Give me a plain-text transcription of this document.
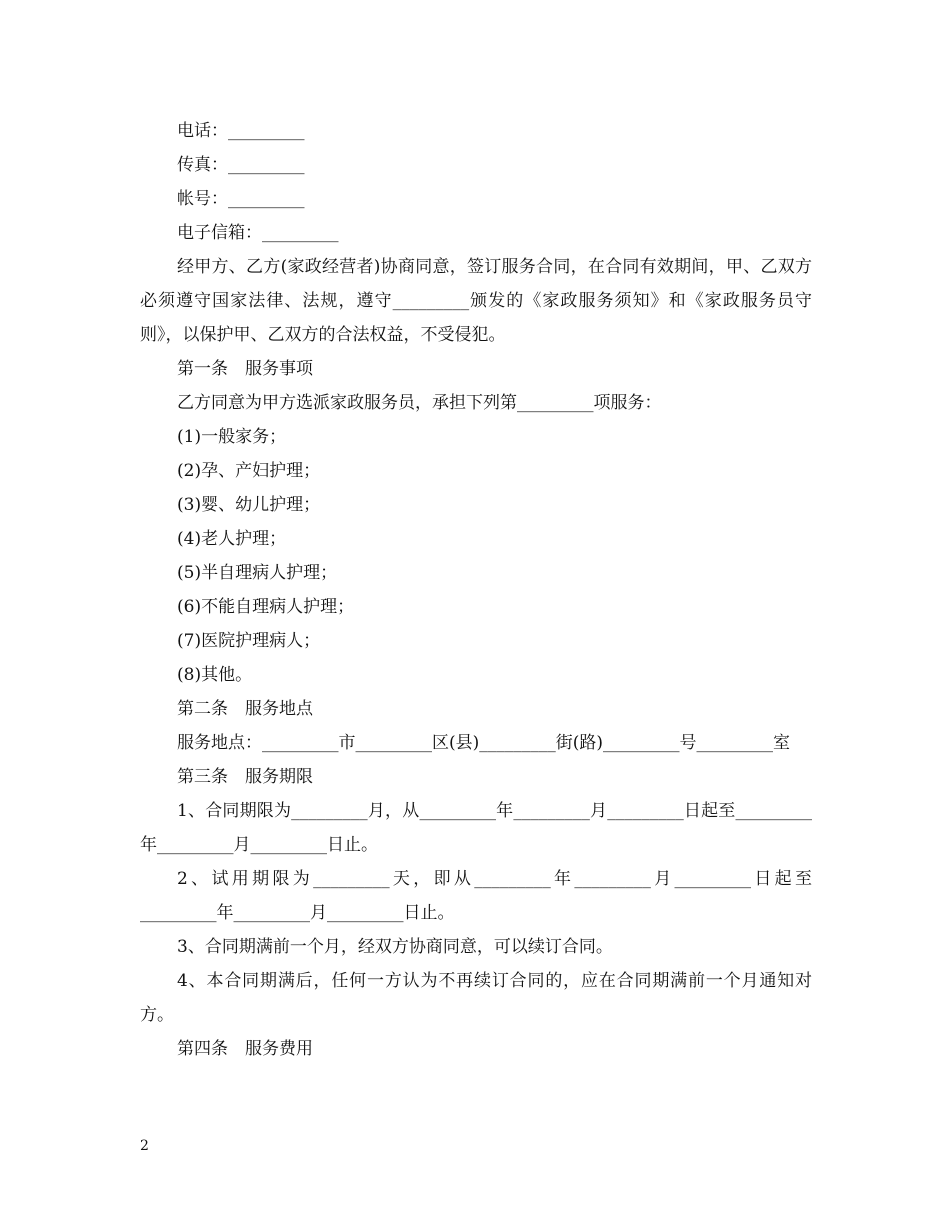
电话：_________

传真：_________

帐号：_________

电子信箱：_________

经甲方、乙方(家政经营者)协商同意，签订服务合同，在合同有效期间，甲、乙双方必须遵守国家法律、法规，遵守_________颁发的《家政服务须知》和《家政服务员守则》，以保护甲、乙双方的合法权益，不受侵犯。

第一条　服务事项

乙方同意为甲方选派家政服务员，承担下列第_________项服务：

(1)一般家务；

(2)孕、产妇护理；

(3)婴、幼儿护理；

(4)老人护理；

(5)半自理病人护理；

(6)不能自理病人护理；

(7)医院护理病人；

(8)其他。

第二条　服务地点

服务地点：_________市_________区(县)_________街(路)_________号_________室

第三条　服务期限

1、合同期限为_________月，从_________年_________月_________日起至_________年_________月_________日止。

2、试用期限为_________天，即从_________年_________月_________日起至_________年_________月_________日止。

3、合同期满前一个月，经双方协商同意，可以续订合同。

4、本合同期满后，任何一方认为不再续订合同的，应在合同期满前一个月通知对方。

第四条　服务费用

2
